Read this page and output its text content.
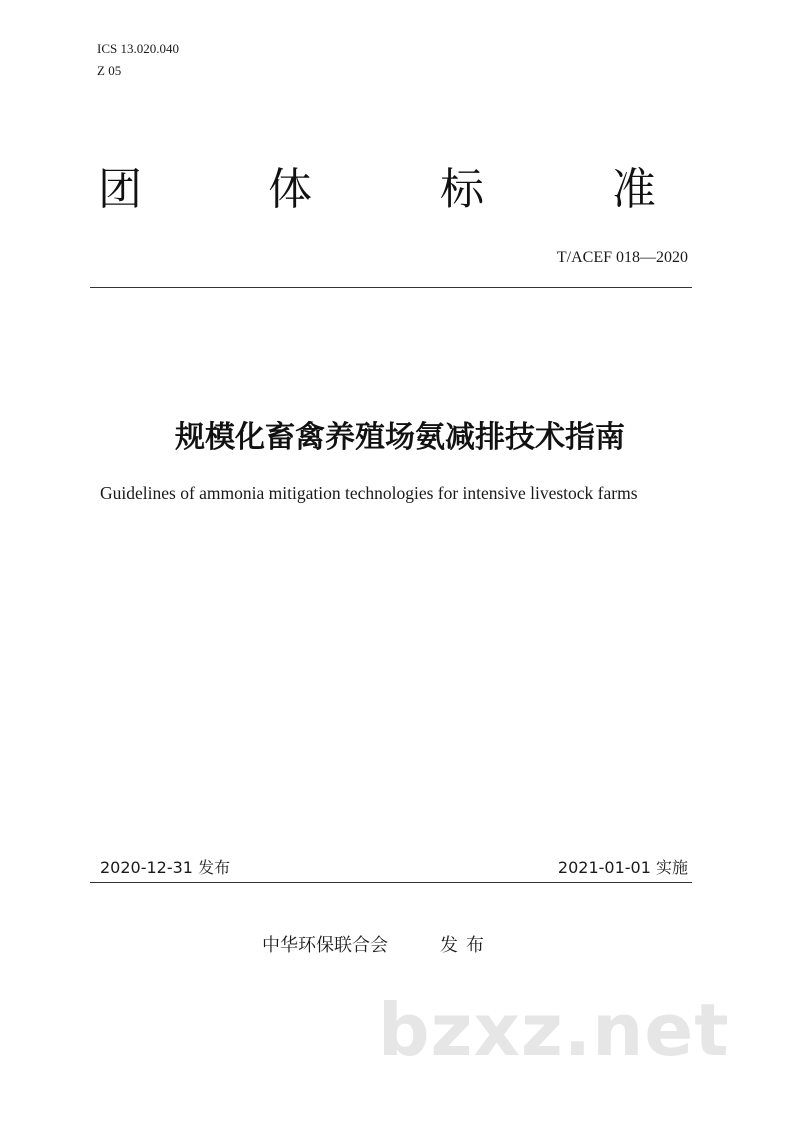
ICS 13.020.040
Z 05
团	体	标	准
T/ACEF 018—2020
规模化畜禽养殖场氨减排技术指南
Guidelines of ammonia mitigation technologies for intensive livestock farms
2020-12-31 发布	2021-01-01 实施
中华环保联合会	发布
bzxz.net
